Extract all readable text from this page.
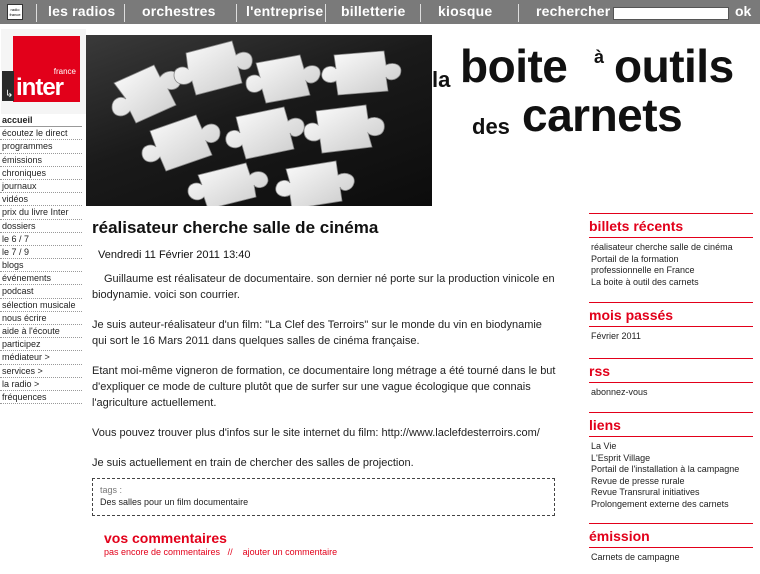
radio france les radios orchestres l'entreprise billetterie kiosque	rechercher	ok
france
inter
↳
la boite à outils
des carnets
accueil
écoutez le direct
programmes
émissions
chroniques
journaux
vidéos
prix du livre Inter
dossiers
le 6 / 7
le 7 / 9
blogs
événements
podcast
sélection musicale
nous écrire
aide à l'écoute
participez
médiateur >
services >
la radio >
fréquences
réalisateur cherche salle de cinéma
Vendredi 11 Février 2011 13:40

Guillaume est réalisateur de documentaire. son dernier né porte sur la production vinicole en biodynamie. voici son courrier.

Je suis auteur-réalisateur d'un film: "La Clef des Terroirs" sur le monde du vin en biodynamie qui sort le 16 Mars 2011 dans quelques salles de cinéma française.

Etant moi-même vigneron de formation, ce documentaire long métrage a été tourné dans le but d'expliquer ce mode de culture plutôt que de surfer sur une vague écologique que connais l'agriculture actuellement.

Vous pouvez trouver plus d'infos sur le site internet du film: http://www.laclefdesterroirs.com/

Je suis actuellement en train de chercher des salles de projection.

tags :
Des salles pour un film documentaire
vos commentaires
pas encore de commentaires // ajouter un commentaire
billets récents
réalisateur cherche salle de cinéma
Portail de la formation professionnelle en France
La boite à outil des carnets
mois passés
Février 2011
rss
abonnez-vous
liens
La Vie
L'Esprit Village
Portail de l'installation à la campagne
Revue de presse rurale
Revue Transrural initiatives
Prolongement externe des carnets
émission
Carnets de campagne
